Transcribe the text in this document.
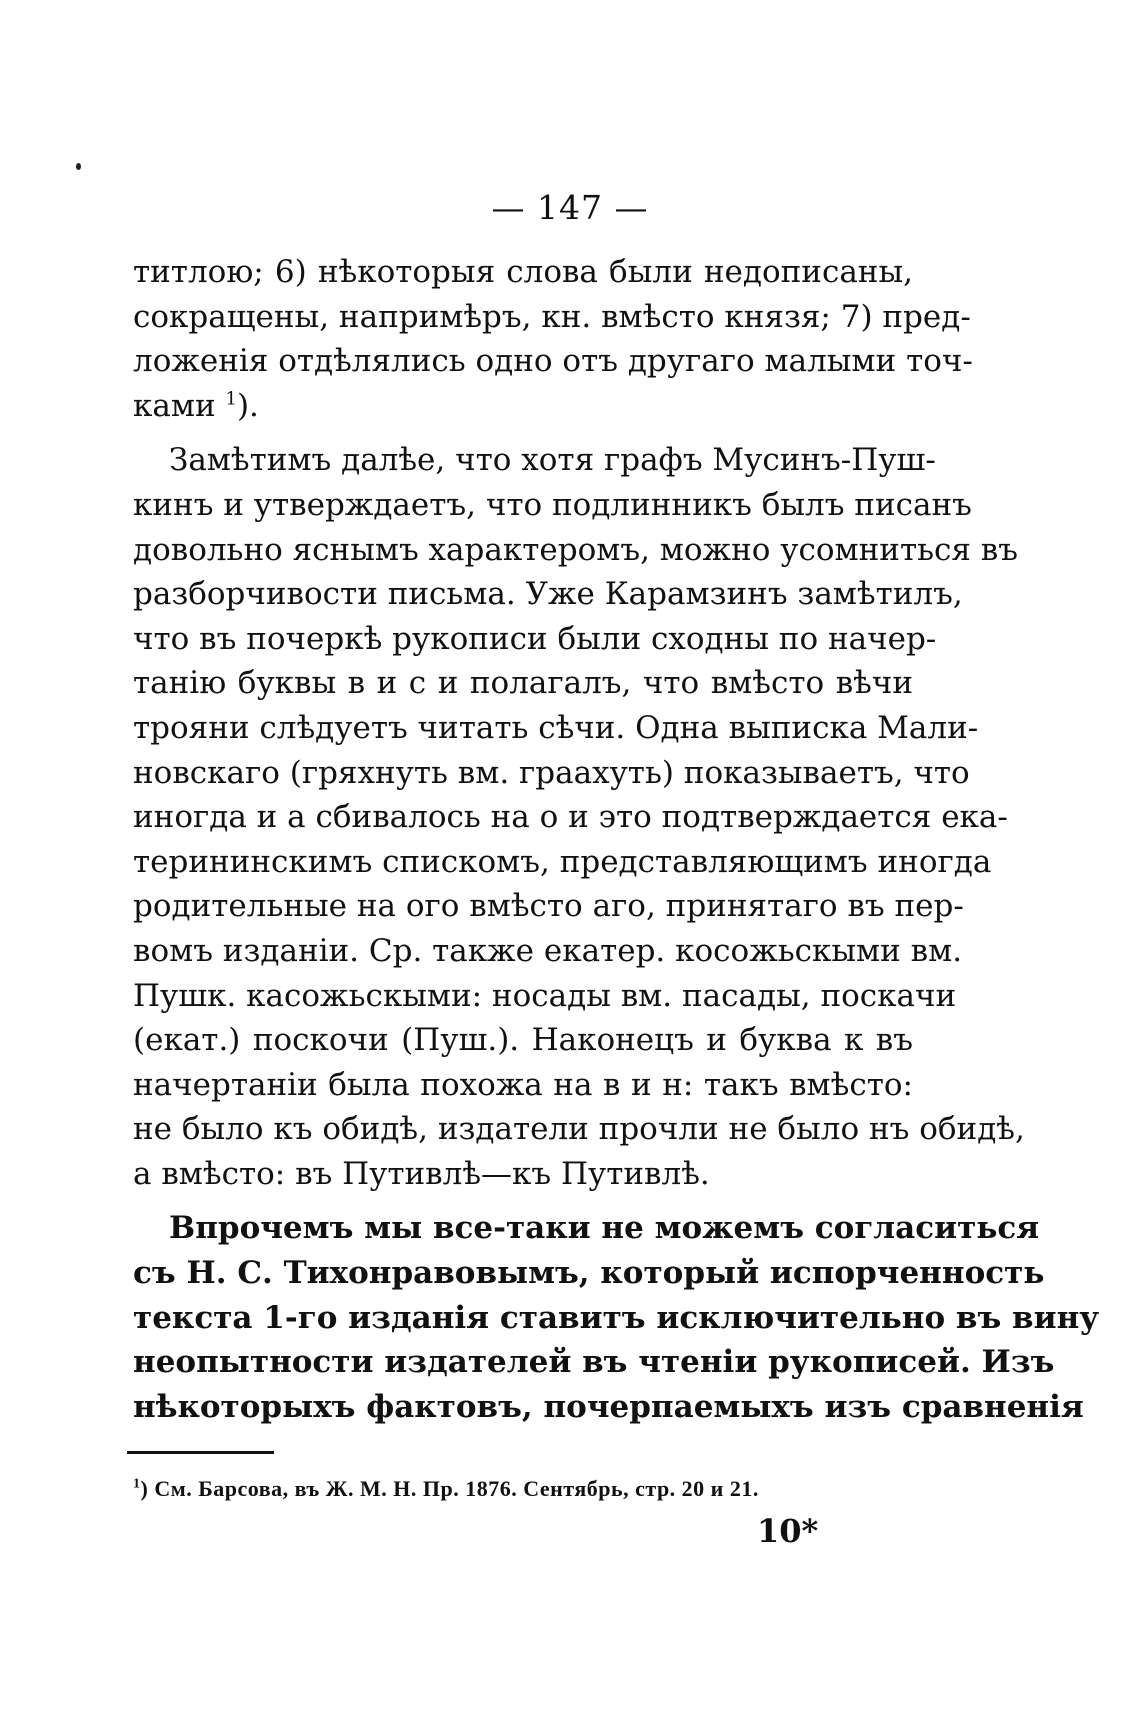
— 147 —
титлою; 6) нѣкоторыя слова были недописаны,
сокращены, напримѣръ, кн. вмѣсто князя; 7) пред-
ложенія отдѣлялись одно отъ другаго малыми точ-
ками $^1$).
Замѣтимъ далѣе, что хотя графъ Мусинъ-Пуш-
кинъ и утверждаетъ, что подлинникъ былъ писанъ
довольно яснымъ характеромъ, можно усомниться въ
разборчивости письма. Уже Карамзинъ замѣтилъ,
что въ почеркѣ рукописи были сходны по начер-
танію буквы в и с и полагалъ, что вмѣсто вѣчи
трояни слѣдуетъ читать сѣчи. Одна выписка Мали-
новскаго (гряхнуть вм. граахуть) показываетъ, что
иногда и а сбивалось на о и это подтверждается ека-
терининскимъ спискомъ, представляющимъ иногда
родительные на ого вмѣсто аго, принятаго въ пер-
вомъ изданіи. Ср. также екатер. косожьскыми вм.
Пушк. касожьскыми: носады вм. пасады, поскачи
(екат.) поскочи (Пуш.). Наконецъ и буква к въ
начертаніи была похожа на в и н: такъ вмѣсто:
не было къ обидѣ, издатели прочли не было нъ обидѣ,
а вмѣсто: въ Путивлѣ—къ Путивлѣ.
Впрочемъ мы все-таки не можемъ согласиться
съ Н. С. Тихонравовымъ, который испорченность
текста 1-го изданія ставитъ исключительно въ вину
неопытности издателей въ чтеніи рукописей. Изъ
нѣкоторыхъ фактовъ, почерпаемыхъ изъ сравненія
$^1$) См. Барсова, въ Ж. М. Н. Пр. 1876. Сентябрь, стр. 20 и 21.
10*
